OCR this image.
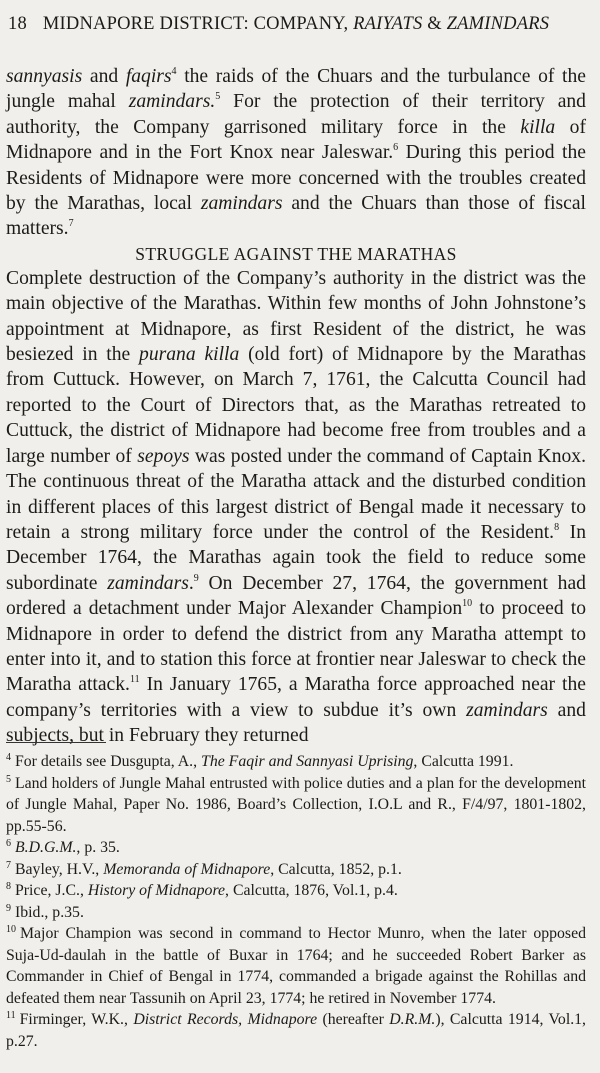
18 MIDNAPORE DISTRICT: COMPANY, RAIYATS & ZAMINDARS

sannyasis and faqirs$^4$ the raids of the Chuars and the turbulance of the jungle mahal zamindars.$^5$ For the protection of their territory and authority, the Company garrisoned military force in the killa of Midnapore and in the Fort Knox near Jaleswar.$^6$ During this period the Residents of Midnapore were more concerned with the troubles created by the Marathas, local zamindars and the Chuars than those of fiscal matters.$^7$

STRUGGLE AGAINST THE MARATHAS

Complete destruction of the Company’s authority in the district was the main objective of the Marathas. Within few months of John Johnstone’s appointment at Midnapore, as first Resident of the district, he was besiezed in the purana killa (old fort) of Midnapore by the Marathas from Cuttuck. However, on March 7, 1761, the Calcutta Council had reported to the Court of Directors that, as the Marathas retreated to Cuttuck, the district of Midnapore had become free from troubles and a large number of sepoys was posted under the command of Captain Knox. The continuous threat of the Maratha attack and the disturbed condition in different places of this largest district of Bengal made it necessary to retain a strong military force under the control of the Resident.$^8$ In December 1764, the Marathas again took the field to reduce some subordinate zamindars.$^9$ On December 27, 1764, the government had ordered a detachment under Major Alexander Champion$^{10}$ to proceed to Midnapore in order to defend the district from any Maratha attempt to enter into it, and to station this force at frontier near Jaleswar to check the Maratha attack.$^{11}$ In January 1765, a Maratha force approached near the company’s territories with a view to subdue it’s own zamindars and subjects, but in February they returned

$^4$ For details see Dusgupta, A., The Faqir and Sannyasi Uprising, Calcutta 1991.

$^5$ Land holders of Jungle Mahal entrusted with police duties and a plan for the development of Jungle Mahal, Paper No. 1986, Board’s Collection, I.O.L and R., F/4/97, 1801-1802, pp.55-56.

$^6$ B.D.G.M., p. 35.

$^7$ Bayley, H.V., Memoranda of Midnapore, Calcutta, 1852, p.1.

$^8$ Price, J.C., History of Midnapore, Calcutta, 1876, Vol.1, p.4.

$^9$ Ibid., p.35.

$^{10}$ Major Champion was second in command to Hector Munro, when the later opposed Suja-Ud-daulah in the battle of Buxar in 1764; and he succeeded Robert Barker as Commander in Chief of Bengal in 1774, commanded a brigade against the Rohillas and defeated them near Tassunih on April 23, 1774; he retired in November 1774.

$^{11}$ Firminger, W.K., District Records, Midnapore (hereafter D.R.M.), Calcutta 1914, Vol.1, p.27.
